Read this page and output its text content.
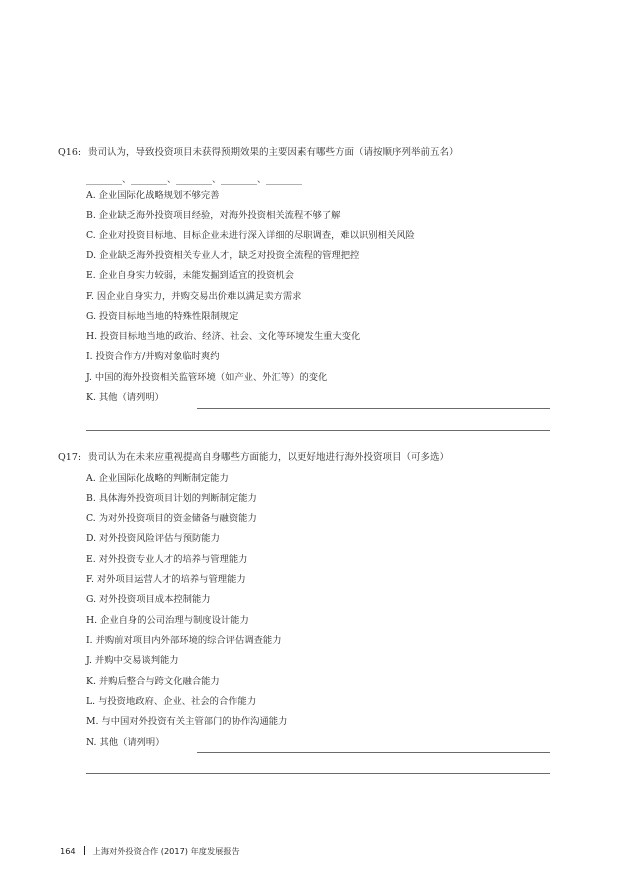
Q16: 贵司认为，导致投资项目未获得预期效果的主要因素有哪些方面（请按顺序列举前五名）
________、________、________、________、________
A. 企业国际化战略规划不够完善
B. 企业缺乏海外投资项目经验，对海外投资相关流程不够了解
C. 企业对投资目标地、目标企业未进行深入详细的尽职调查，难以识别相关风险
D. 企业缺乏海外投资相关专业人才，缺乏对投资全流程的管理把控
E. 企业自身实力较弱，未能发掘到适宜的投资机会
F. 因企业自身实力，并购交易出价难以满足卖方需求
G. 投资目标地当地的特殊性限制规定
H. 投资目标地当地的政治、经济、社会、文化等环境发生重大变化
I. 投资合作方/并购对象临时爽约
J. 中国的海外投资相关监管环境（如产业、外汇等）的变化
K. 其他（请列明）
Q17: 贵司认为在未来应重视提高自身哪些方面能力，以更好地进行海外投资项目（可多选）
A. 企业国际化战略的判断制定能力
B. 具体海外投资项目计划的判断制定能力
C. 为对外投资项目的资金储备与融资能力
D. 对外投资风险评估与预防能力
E. 对外投资专业人才的培养与管理能力
F. 对外项目运营人才的培养与管理能力
G. 对外投资项目成本控制能力
H. 企业自身的公司治理与制度设计能力
I. 并购前对项目内外部环境的综合评估调查能力
J. 并购中交易谈判能力
K. 并购后整合与跨文化融合能力
L. 与投资地政府、企业、社会的合作能力
M. 与中国对外投资有关主管部门的协作沟通能力
N. 其他（请列明）
164 上海对外投资合作 (2017) 年度发展报告
